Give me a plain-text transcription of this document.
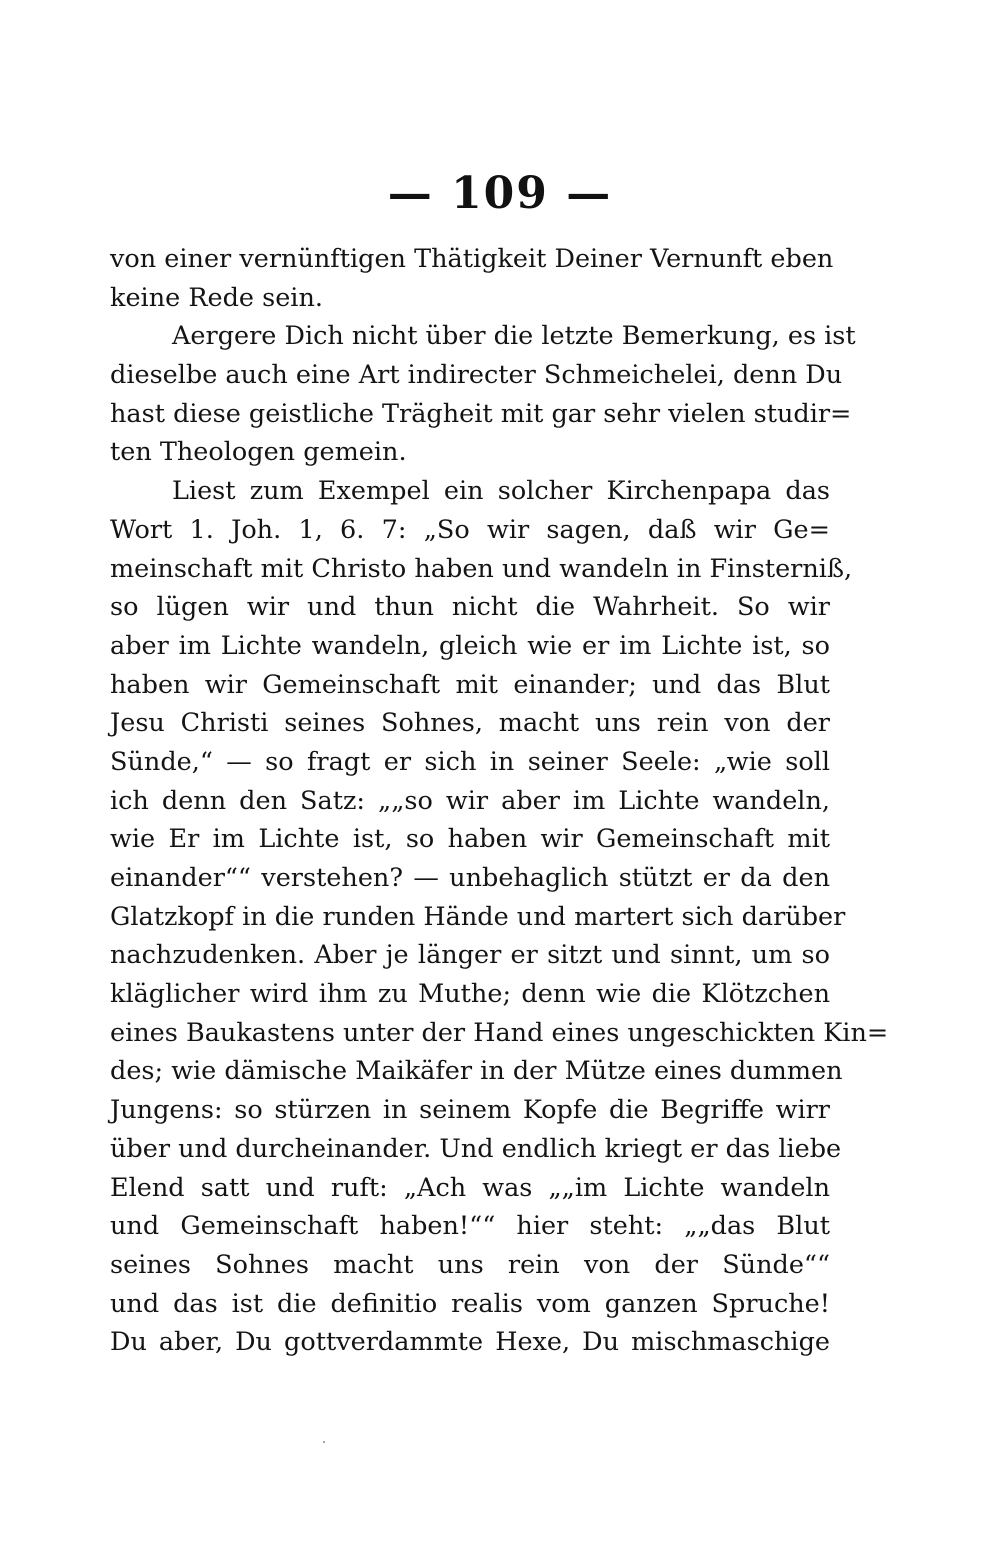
— 109 —
von einer vernünftigen Thätigkeit Deiner Vernunft eben
keine Rede sein.
Aergere Dich nicht über die letzte Bemerkung, es ist
dieselbe auch eine Art indirecter Schmeichelei, denn Du
hast diese geistliche Trägheit mit gar sehr vielen studir=
ten Theologen gemein.
Liest zum Exempel ein solcher Kirchenpapa das
Wort 1. Joh. 1, 6. 7: „So wir sagen, daß wir Ge=
meinschaft mit Christo haben und wandeln in Finsterniß,
so lügen wir und thun nicht die Wahrheit. So wir
aber im Lichte wandeln, gleich wie er im Lichte ist, so
haben wir Gemeinschaft mit einander; und das Blut
Jesu Christi seines Sohnes, macht uns rein von der
Sünde,“ — so fragt er sich in seiner Seele: „wie soll
ich denn den Satz: „„so wir aber im Lichte wandeln,
wie Er im Lichte ist, so haben wir Gemeinschaft mit
einander““ verstehen? — unbehaglich stützt er da den
Glatzkopf in die runden Hände und martert sich darüber
nachzudenken. Aber je länger er sitzt und sinnt, um so
kläglicher wird ihm zu Muthe; denn wie die Klötzchen
eines Baukastens unter der Hand eines ungeschickten Kin=
des; wie dämische Maikäfer in der Mütze eines dummen
Jungens: so stürzen in seinem Kopfe die Begriffe wirr
über und durcheinander. Und endlich kriegt er das liebe
Elend satt und ruft: „Ach was „„im Lichte wandeln
und Gemeinschaft haben!““ hier steht: „„das Blut
seines Sohnes macht uns rein von der Sünde““
und das ist die definitio realis vom ganzen Spruche!
Du aber, Du gottverdammte Hexe, Du mischmaschige
